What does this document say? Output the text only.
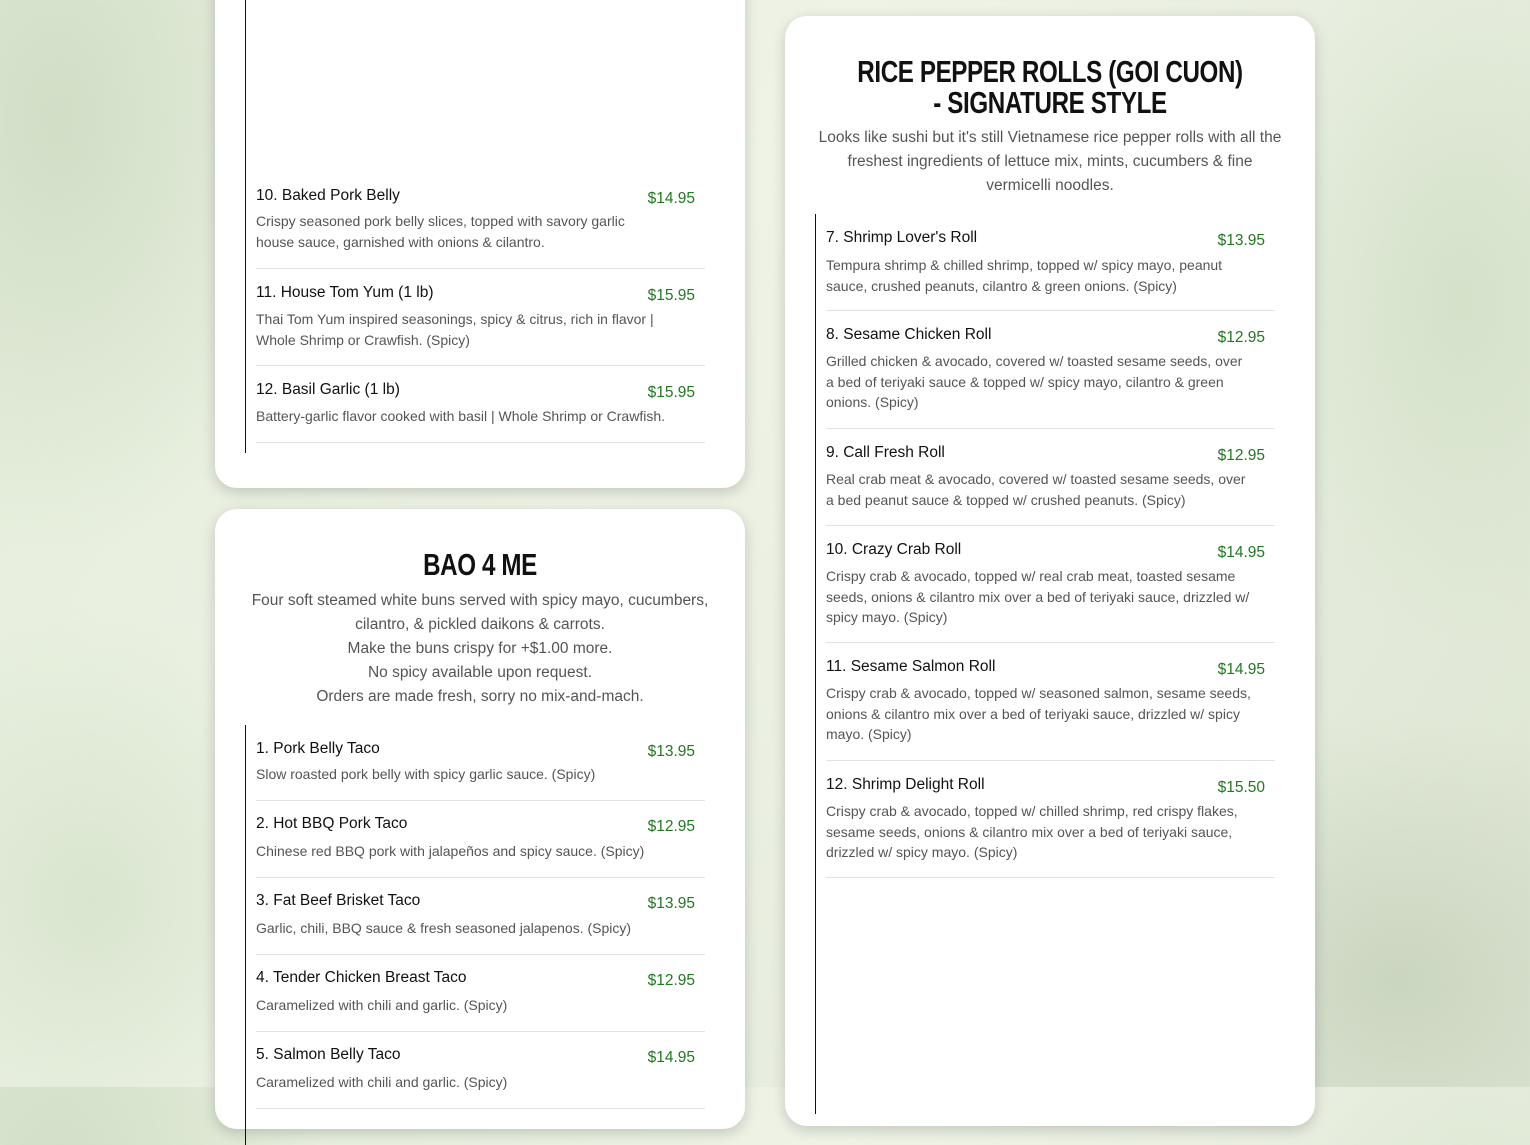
10. Baked Pork Belly	$14.95
Crispy seasoned pork belly slices, topped with savory garlic house sauce, garnished with onions & cilantro.
11. House Tom Yum (1 lb)	$15.95
Thai Tom Yum inspired seasonings, spicy & citrus, rich in flavor | Whole Shrimp or Crawfish. (Spicy)
12. Basil Garlic (1 lb)	$15.95
Battery-garlic flavor cooked with basil | Whole Shrimp or Crawfish.
BAO 4 ME
Four soft steamed white buns served with spicy mayo, cucumbers,
cilantro, & pickled daikons & carrots.
Make the buns crispy for +$1.00 more.
No spicy available upon request.
Orders are made fresh, sorry no mix-and-mach.
1. Pork Belly Taco	$13.95
Slow roasted pork belly with spicy garlic sauce. (Spicy)
2. Hot BBQ Pork Taco	$12.95
Chinese red BBQ pork with jalapeños and spicy sauce. (Spicy)
3. Fat Beef Brisket Taco	$13.95
Garlic, chili, BBQ sauce & fresh seasoned jalapenos. (Spicy)
4. Tender Chicken Breast Taco	$12.95
Caramelized with chili and garlic. (Spicy)
5. Salmon Belly Taco	$14.95
Caramelized with chili and garlic. (Spicy)
RICE PEPPER ROLLS (GOI CUON) - SIGNATURE STYLE
Looks like sushi but it's still Vietnamese rice pepper rolls with all the freshest ingredients of lettuce mix, mints, cucumbers & fine vermicelli noodles.
7. Shrimp Lover's Roll	$13.95
Tempura shrimp & chilled shrimp, topped w/ spicy mayo, peanut sauce, crushed peanuts, cilantro & green onions. (Spicy)
8. Sesame Chicken Roll	$12.95
Grilled chicken & avocado, covered w/ toasted sesame seeds, over a bed of teriyaki sauce & topped w/ spicy mayo, cilantro & green onions. (Spicy)
9. Call Fresh Roll	$12.95
Real crab meat & avocado, covered w/ toasted sesame seeds, over a bed peanut sauce & topped w/ crushed peanuts. (Spicy)
10. Crazy Crab Roll	$14.95
Crispy crab & avocado, topped w/ real crab meat, toasted sesame seeds, onions & cilantro mix over a bed of teriyaki sauce, drizzled w/ spicy mayo. (Spicy)
11. Sesame Salmon Roll	$14.95
Crispy crab & avocado, topped w/ seasoned salmon, sesame seeds, onions & cilantro mix over a bed of teriyaki sauce, drizzled w/ spicy mayo. (Spicy)
12. Shrimp Delight Roll	$15.50
Crispy crab & avocado, topped w/ chilled shrimp, red crispy flakes, sesame seeds, onions & cilantro mix over a bed of teriyaki sauce, drizzled w/ spicy mayo. (Spicy)
